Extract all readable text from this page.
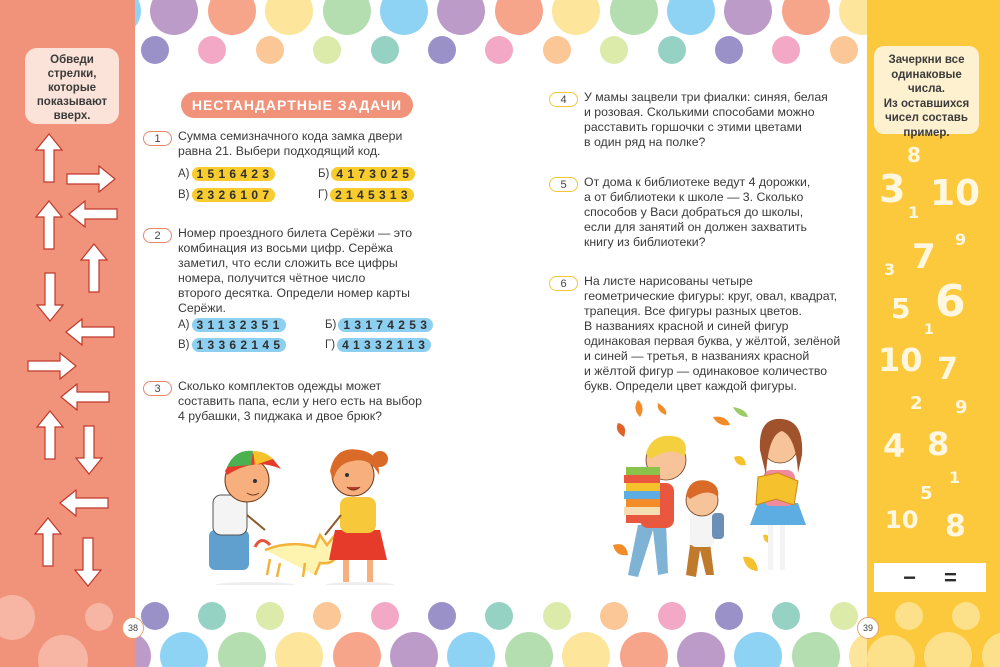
Обведи
стрелки,
которые
показывают
вверх.
Зачеркни все
одинаковые
числа.
Из оставшихся
чисел составь
пример.
8
3
1 10
9
7
3
5 6
1
10 7
2 9
4 8
1
5
10 8
− =
38	39
НЕСТАНДАРТНЫЕ ЗАДАЧИ
1	Сумма семизначного кода замка двери
равна 21. Выбери подходящий код.
А) 1516423	Б) 4173025
В) 2326107	Г) 2145313
2	Номер проездного билета Серёжи — это
комбинация из восьми цифр. Серёжа
заметил, что если сложить все цифры
номера, получится чётное число
второго десятка. Определи номер карты
Серёжи.
А) 31132351	Б) 13174253
В) 13362145	Г) 41332113
3	Сколько комплектов одежды может
составить папа, если у него есть на выбор
4 рубашки, 3 пиджака и двое брюк?
4	У мамы зацвели три фиалки: синяя, белая
и розовая. Сколькими способами можно
расставить горшочки с этими цветами
в один ряд на полке?
5	От дома к библиотеке ведут 4 дорожки,
а от библиотеки к школе — 3. Сколько
способов у Васи добраться до школы,
если для занятий он должен захватить
книгу из библиотеки?
6	На листе нарисованы четыре
геометрические фигуры: круг, овал, квадрат,
трапеция. Все фигуры разных цветов.
В названиях красной и синей фигур
одинаковая первая буква, у жёлтой, зелёной
и синей — третья, в названиях красной
и жёлтой фигур — одинаковое количество
букв. Определи цвет каждой фигуры.
